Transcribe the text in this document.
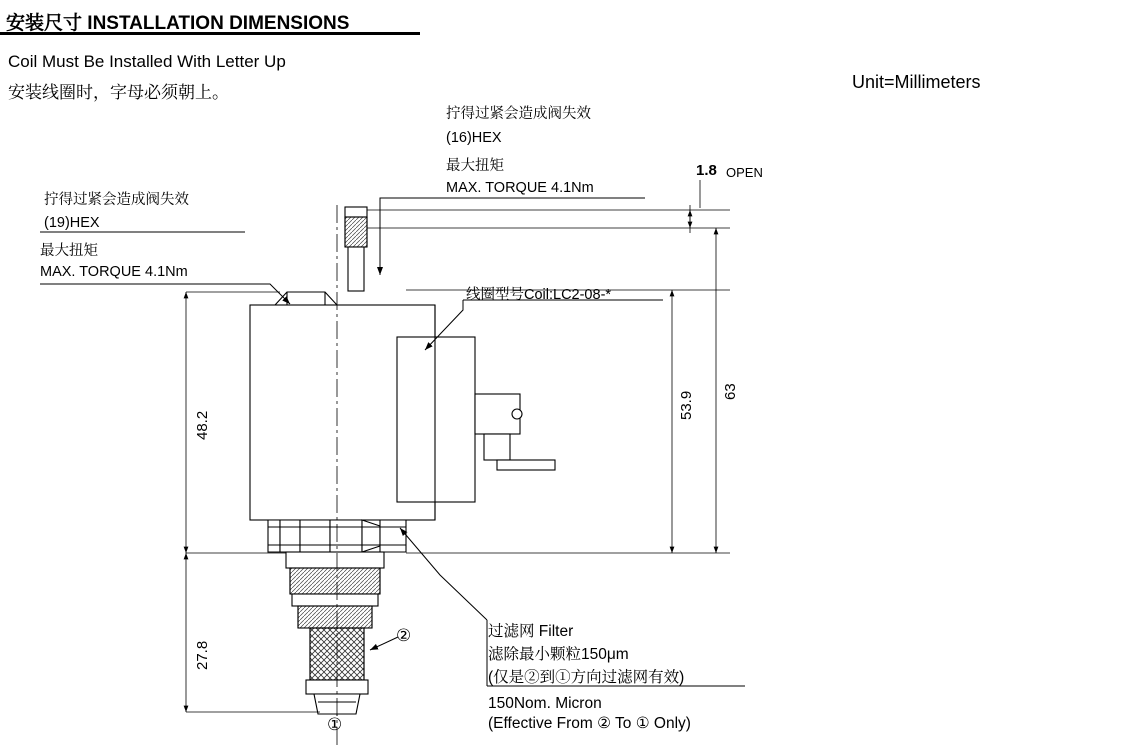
安装尺寸 INSTALLATION DIMENSIONS
Coil Must Be Installed With Letter Up
安装线圈时，字母必须朝上。
Unit=Millimeters
拧得过紧会造成阀失效
(19)HEX
最大扭矩
MAX. TORQUE 4.1Nm
拧得过紧会造成阀失效
(16)HEX
最大扭矩
MAX. TORQUE 4.1Nm
1.8 OPEN
线圈型号Coil:LC2-08-*
过滤网 Filter
滤除最小颗粒150μm
(仅是②到①方向过滤网有效)
150Nom. Micron
(Effective From ② To ① Only)
48.2
27.8
53.9 63
②
①
